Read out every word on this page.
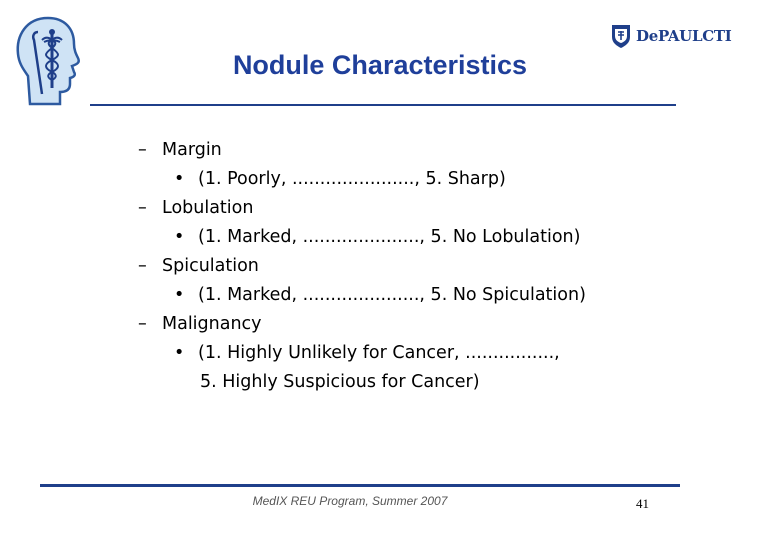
DePAULCTI
Nodule Characteristics
– Margin
• (1. Poorly, ......................, 5. Sharp)
– Lobulation
• (1. Marked, ....................., 5. No Lobulation)
– Spiculation
• (1. Marked, ....................., 5. No Spiculation)
– Malignancy
• (1. Highly Unlikely for Cancer, ................,
5. Highly Suspicious for Cancer)
MedIX REU Program, Summer 2007	41
